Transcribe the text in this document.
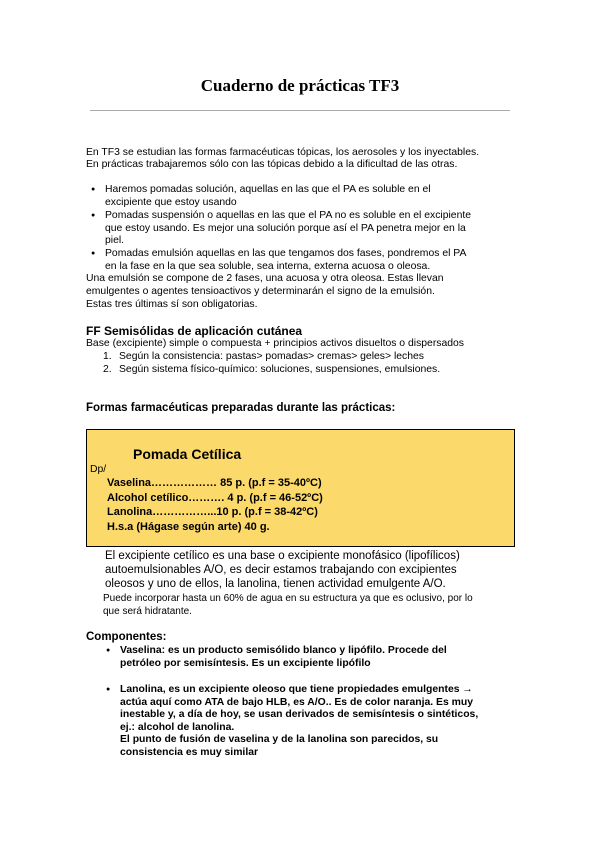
Cuaderno de prácticas TF3
En TF3 se estudian las formas farmacéuticas tópicas, los aerosoles y los inyectables.
En prácticas trabajaremos sólo con las tópicas debido a la dificultad de las otras.
● Haremos pomadas solución, aquellas en las que el PA es soluble en el
excipiente que estoy usando
● Pomadas suspensión o aquellas en las que el PA no es soluble en el excipiente
que estoy usando. Es mejor una solución porque así el PA penetra mejor en la
piel.
● Pomadas emulsión aquellas en las que tengamos dos fases, pondremos el PA
en la fase en la que sea soluble, sea interna, externa acuosa o oleosa.
Una emulsión se compone de 2 fases, una acuosa y otra oleosa. Estas llevan
emulgentes o agentes tensioactivos y determinarán el signo de la emulsión.
Estas tres últimas sí son obligatorias.
FF Semisólidas de aplicación cutánea
Base (excipiente) simple o compuesta + principios activos disueltos o dispersados
1. Según la consistencia: pastas> pomadas> cremas> geles> leches
2. Según sistema físico-químico: soluciones, suspensiones, emulsiones.
Formas farmacéuticas preparadas durante las prácticas:
Pomada Cetílica
Dp/
Vaselina……………… 85 p. (p.f = 35-40ºC)
Alcohol cetílico………. 4 p. (p.f = 46-52ºC)
Lanolina……………...10 p. (p.f = 38-42ºC)
H.s.a (Hágase según arte) 40 g.
El excipiente cetílico es una base o excipiente monofásico (lipofílicos)
autoemulsionables A/O, es decir estamos trabajando con excipientes
oleosos y uno de ellos, la lanolina, tienen actividad emulgente A/O.
Puede incorporar hasta un 60% de agua en su estructura ya que es oclusivo, por lo
que será hidratante.
Componentes:
● Vaselina: es un producto semisólido blanco y lipófilo. Procede del
petróleo por semisíntesis. Es un excipiente lipófilo
● Lanolina, es un excipiente oleoso que tiene propiedades emulgentes →
actúa aquí como ATA de bajo HLB, es A/O.. Es de color naranja. Es muy
inestable y, a día de hoy, se usan derivados de semisíntesis o sintéticos,
ej.: alcohol de lanolina.
El punto de fusión de vaselina y de la lanolina son parecidos, su
consistencia es muy similar
